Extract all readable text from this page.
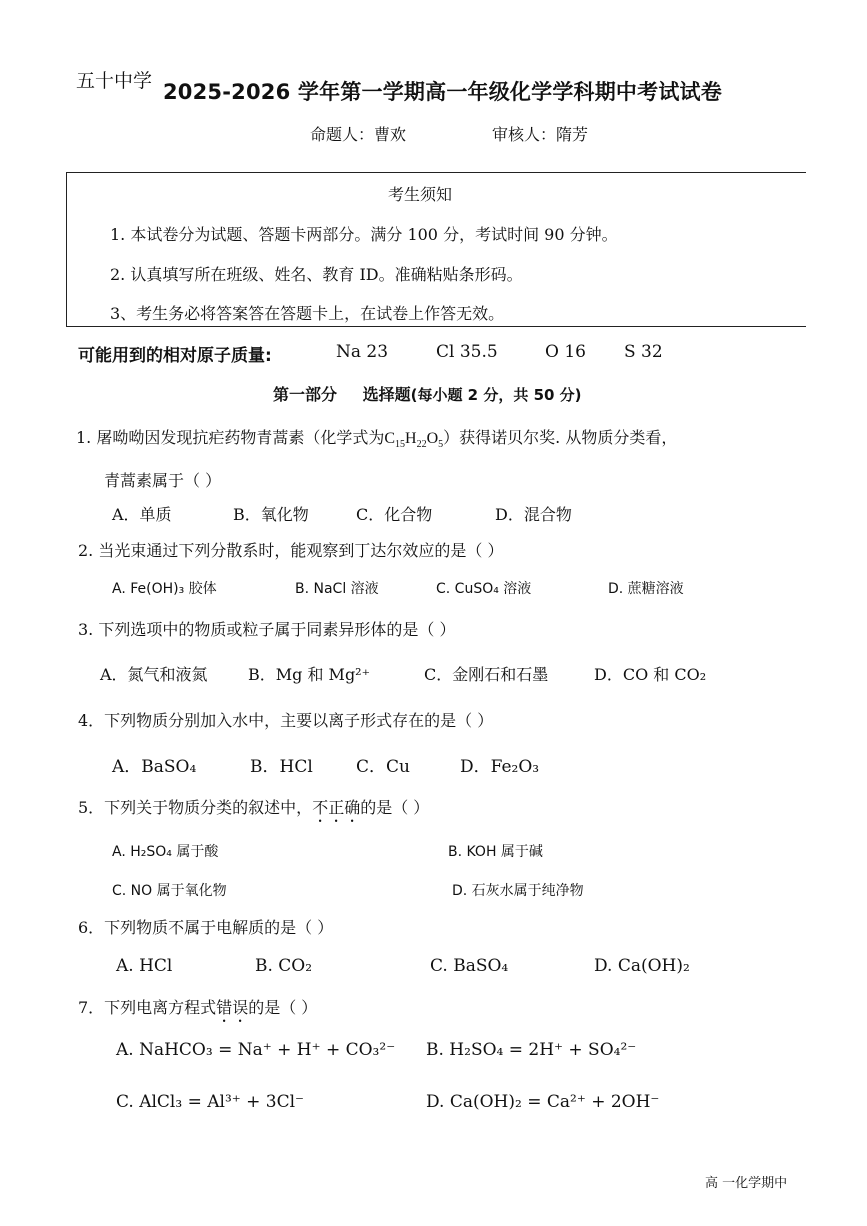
五十中学 2025-2026 学年第一学期高一年级化学学科期中考试试卷
命题人：曹欢	审核人：隋芳
考生须知
1. 本试卷分为试题、答题卡两部分。满分 100 分，考试时间 90 分钟。
2. 认真填写所在班级、姓名、教育 ID。准确粘贴条形码。
3、考生务必将答案答在答题卡上，在试卷上作答无效。
可能用到的相对原子质量:	Na 23	Cl 35.5	O 16 S 32
第一部分 选择题(每小题 2 分，共 50 分)
1. 屠呦呦因发现抗疟药物青蒿素（化学式为$C_{15}H_{22}O_5$）获得诺贝尔奖. 从物质分类看，
青蒿素属于（ ）
A．单质	B．氧化物	C．化合物	D．混合物
2. 当光束通过下列分散系时，能观察到丁达尔效应的是（ ）
A. Fe(OH)₃ 胶体	B. NaCl 溶液	C. CuSO₄ 溶液	D. 蔗糖溶液
3. 下列选项中的物质或粒子属于同素异形体的是（ ）
A．氮气和液氮	B．Mg 和 Mg²⁺	C．金刚石和石墨	D．CO 和 CO₂
4．下列物质分别加入水中，主要以离子形式存在的是（ ）
A．BaSO₄	B．HCl	C．Cu	D．Fe₂O₃
5．下列关于物质分类的叙述中，不正确的是（ ）
A. H₂SO₄ 属于酸	B. KOH 属于碱
C. NO 属于氧化物	D. 石灰水属于纯净物
6．下列物质不属于电解质的是（ ）
A. HCl	B. CO₂	C. BaSO₄	D. Ca(OH)₂
7．下列电离方程式错误的是（ ）
A. NaHCO₃ = Na⁺ + H⁺ + CO₃²⁻ B. H₂SO₄ = 2H⁺ + SO₄²⁻
C. AlCl₃ = Al³⁺ + 3Cl⁻	D. Ca(OH)₂ = Ca²⁺ + 2OH⁻
高 一化学期中
